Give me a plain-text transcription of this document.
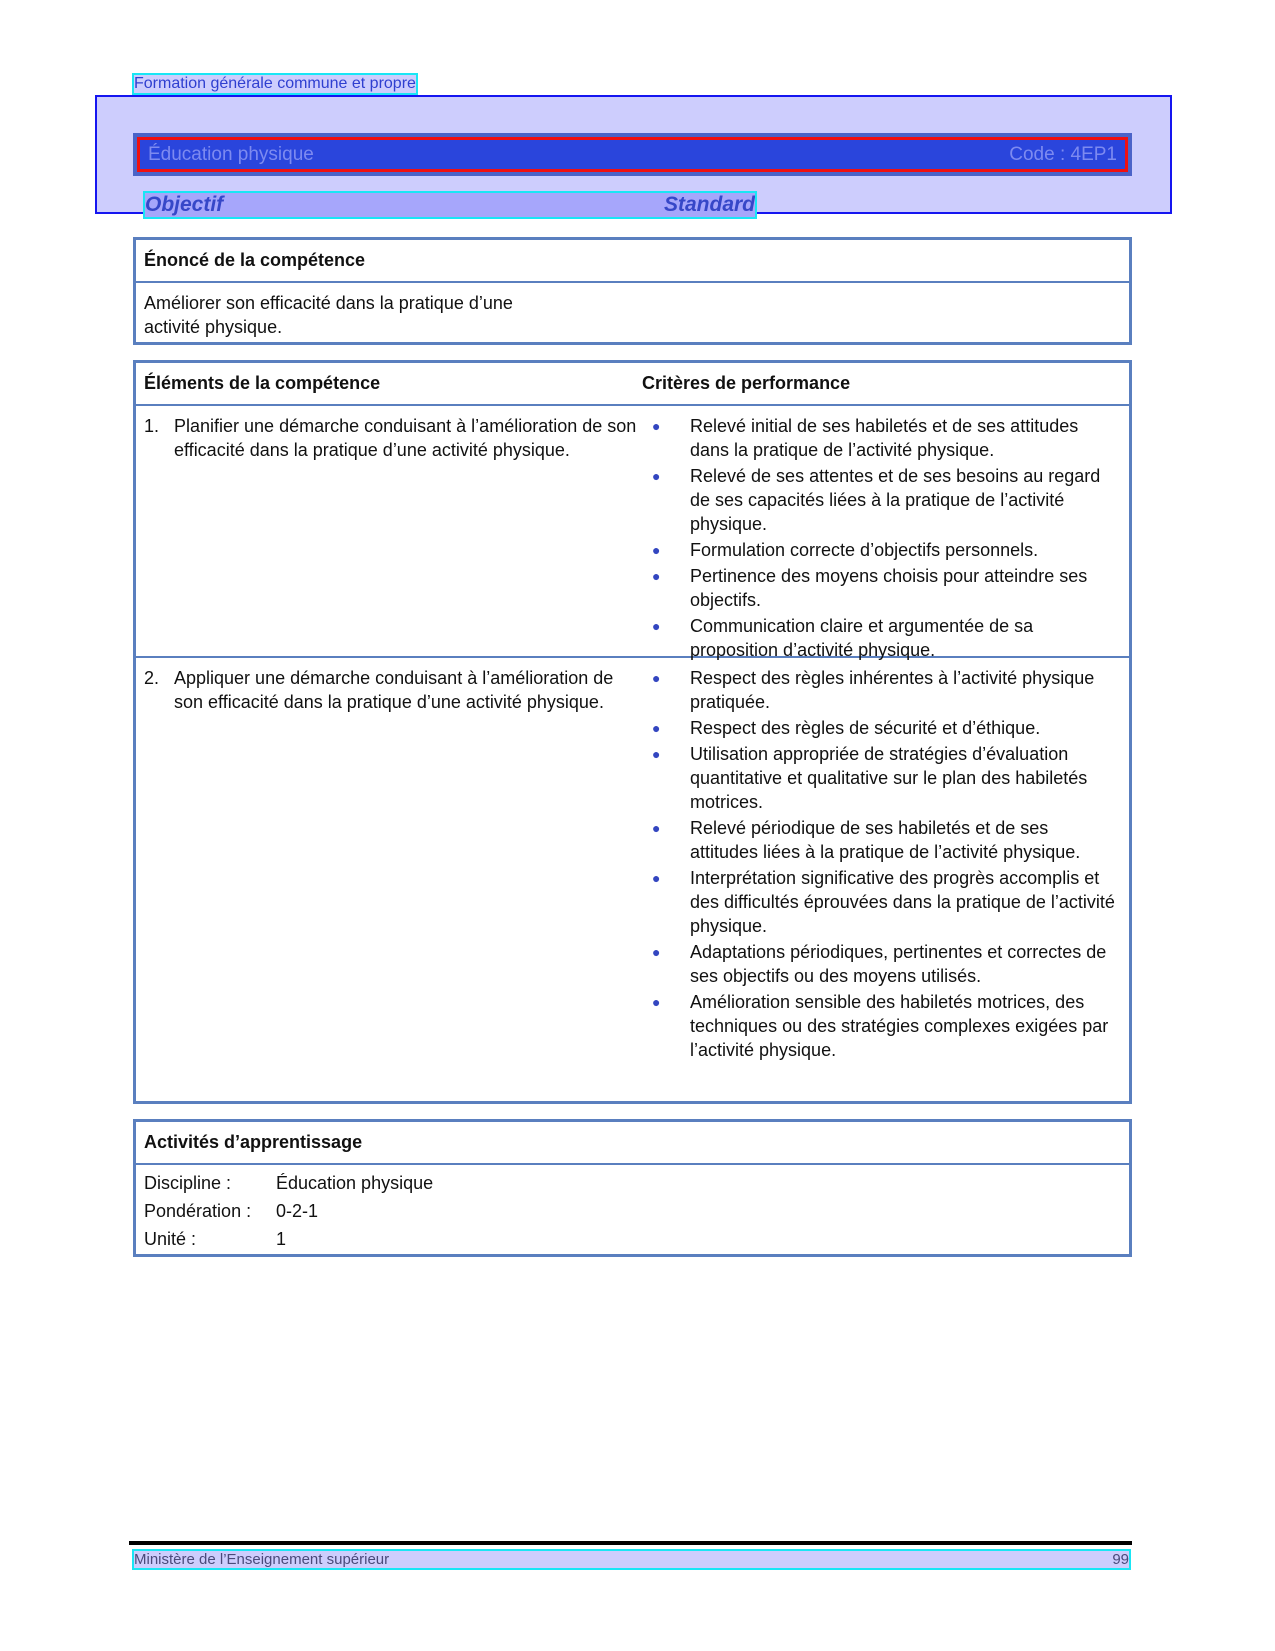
Formation générale commune et propre
Éducation physique	Code : 4EP1
Objectif	Standard
Énoncé de la compétence
Améliorer son efficacité dans la pratique d’une activité physique.
Éléments de la compétence	Critères de performance
1. Planifier une démarche conduisant à l’amélioration de son efficacité dans la pratique d’une activité physique.
●	Relevé initial de ses habiletés et de ses attitudes dans la pratique de l’activité physique.
●	Relevé de ses attentes et de ses besoins au regard de ses capacités liées à la pratique de l’activité physique.
●	Formulation correcte d’objectifs personnels.
●	Pertinence des moyens choisis pour atteindre ses objectifs.
●	Communication claire et argumentée de sa proposition d’activité physique.
2. Appliquer une démarche conduisant à l’amélioration de son efficacité dans la pratique d’une activité physique.
●	Respect des règles inhérentes à l’activité physique pratiquée.
●	Respect des règles de sécurité et d’éthique.
●	Utilisation appropriée de stratégies d’évaluation quantitative et qualitative sur le plan des habiletés motrices.
●	Relevé périodique de ses habiletés et de ses attitudes liées à la pratique de l’activité physique.
●	Interprétation significative des progrès accomplis et des difficultés éprouvées dans la pratique de l’activité physique.
●	Adaptations périodiques, pertinentes et correctes de ses objectifs ou des moyens utilisés.
●	Amélioration sensible des habiletés motrices, des techniques ou des stratégies complexes exigées par l’activité physique.
Activités d’apprentissage
Discipline :	Éducation physique
Pondération :	0-2-1
Unité :	1
Ministère de l’Enseignement supérieur	99
